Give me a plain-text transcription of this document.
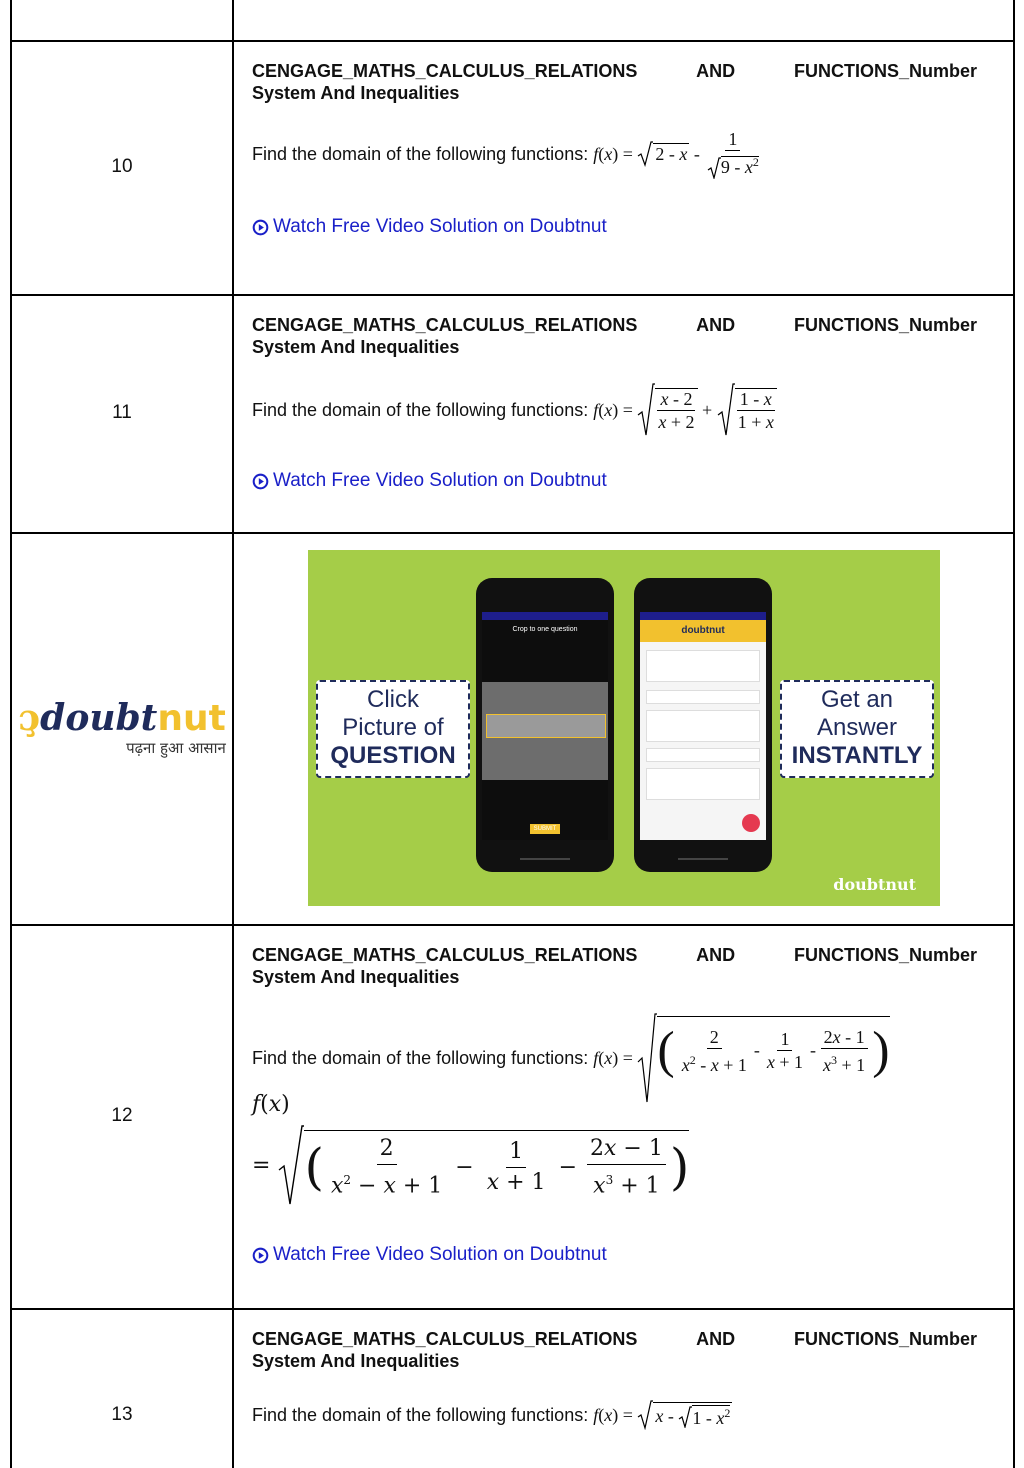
10
CENGAGE_MATHS_CALCULUS_RELATIONS	AND	FUNCTIONS_Number
System And Inequalities
Find the domain of the following functions:
f ( x ) = 2 - x - $\frac{1}{9 - x^2}$
Watch Free Video Solution on Doubtnut
11
CENGAGE_MATHS_CALCULUS_RELATIONS	AND	FUNCTIONS_Number
System And Inequalities
Find the domain of the following functions:
f ( x ) = $\frac{x - 2}{x + 2} + \frac{1 - x}{1 + x}$
Watch Free Video Solution on Doubtnut
ɔ̧doubtnut
पढ़ना हुआ आसान
Click
Picture of
QUESTION
Get an
Answer
INSTANTLY
Crop to one question
SUBMIT
doubtnut
doubtnut
12
CENGAGE_MATHS_CALCULUS_RELATIONS	AND	FUNCTIONS_Number
System And Inequalities
Find the domain of the following functions:
f ( x ) = ( $\frac{2}{x^2 - x + 1} - \frac{1}{x + 1} - \frac{2x - 1}{x^3 + 1}$ )
f(x)
= ( $\frac{2}{x^2 - x + 1} - \frac{1}{x + 1} - \frac{2x - 1}{x^3 + 1}$ )
Watch Free Video Solution on Doubtnut
13
CENGAGE_MATHS_CALCULUS_RELATIONS	AND	FUNCTIONS_Number
System And Inequalities
Find the domain of the following functions:
f ( x ) = x - $1 - x^2$
